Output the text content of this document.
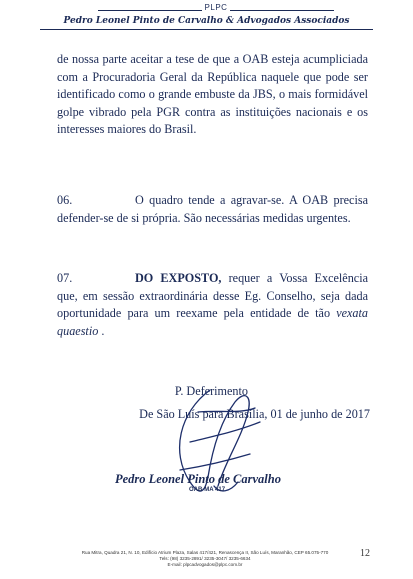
PLPC
Pedro Leonel Pinto de Carvalho & Advogados Associados

de nossa parte aceitar a tese de que a OAB esteja acumpliciada com a Procuradoria Geral da República naquele que pode ser identificado como o grande embuste da JBS, o mais formidável golpe vibrado pela PGR contra as instituições nacionais e os interesses maiores do Brasil.

06.	O quadro tende a agravar-se. A OAB precisa defender-se de si própria. São necessárias medidas urgentes.

07.	DO EXPOSTO, requer a Vossa Excelência que, em sessão extraordinária desse Eg. Conselho, seja dada oportunidade para um reexame pela entidade de tão vexata quaestio .

P. Deferimento
De São Luís para Brasília, 01 de junho de 2017
Pedro Leonel Pinto de Carvalho
OAB-MA 417
Rua Mitra, Quadra 21, N. 10, Edifício Atrium Plaza, Salas 417/421, Renascença II, São Luís, Maranhão, CEP 65.075-770
Tels: (98) 3235-2891/ 3235-3047/ 3235-6634
E-mail: plpcadvogados@plpc.com.br
12
